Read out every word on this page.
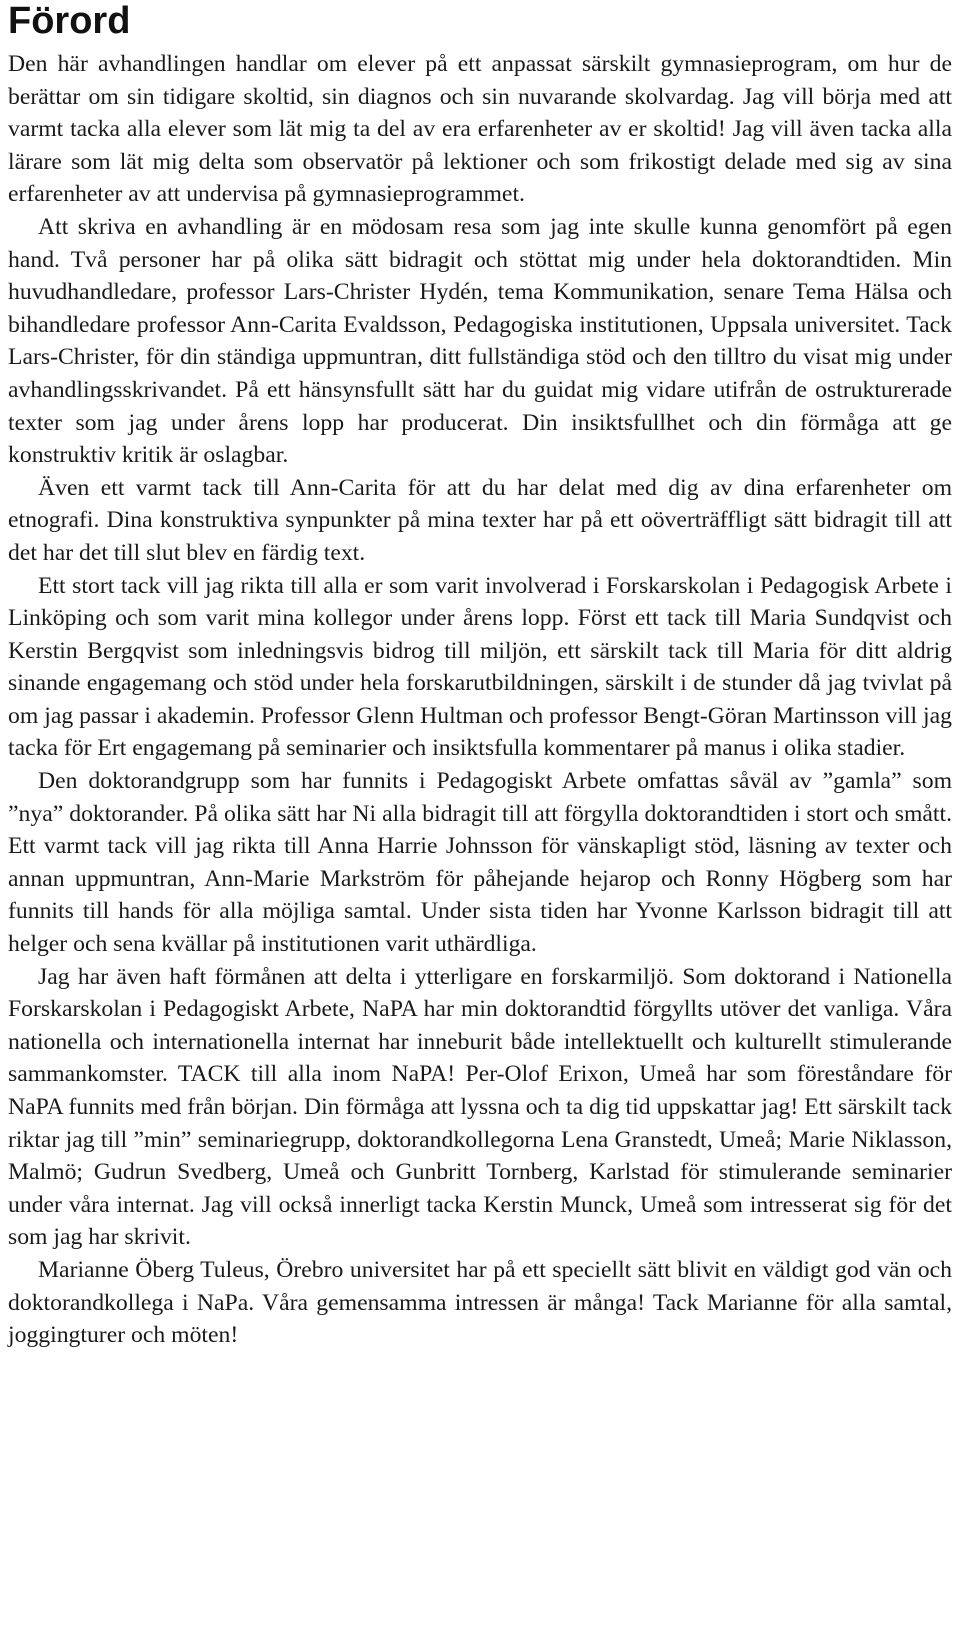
Förord

Den här avhandlingen handlar om elever på ett anpassat särskilt gymnasieprogram, om hur de berättar om sin tidigare skoltid, sin diagnos och sin nuvarande skolvardag. Jag vill börja med att varmt tacka alla elever som lät mig ta del av era erfarenheter av er skoltid! Jag vill även tacka alla lärare som lät mig delta som observatör på lektioner och som frikostigt delade med sig av sina erfarenheter av att undervisa på gymnasieprogrammet.

Att skriva en avhandling är en mödosam resa som jag inte skulle kunna genomfört på egen hand. Två personer har på olika sätt bidragit och stöttat mig under hela doktorandtiden. Min huvudhandledare, professor Lars-Christer Hydén, tema Kommunikation, senare Tema Hälsa och bihandledare professor Ann-Carita Evaldsson, Pedagogiska institutionen, Uppsala universitet. Tack Lars-Christer, för din ständiga uppmuntran, ditt fullständiga stöd och den tilltro du visat mig under avhandlingsskrivandet. På ett hänsynsfullt sätt har du guidat mig vidare utifrån de ostrukturerade texter som jag under årens lopp har producerat. Din insiktsfullhet och din förmåga att ge konstruktiv kritik är oslagbar.

Även ett varmt tack till Ann-Carita för att du har delat med dig av dina erfarenheter om etnografi. Dina konstruktiva synpunkter på mina texter har på ett oöverträffligt sätt bidragit till att det har det till slut blev en färdig text.

Ett stort tack vill jag rikta till alla er som varit involverad i Forskarskolan i Pedagogisk Arbete i Linköping och som varit mina kollegor under årens lopp. Först ett tack till Maria Sundqvist och Kerstin Bergqvist som inledningsvis bidrog till miljön, ett särskilt tack till Maria för ditt aldrig sinande engagemang och stöd under hela forskarutbildningen, särskilt i de stunder då jag tvivlat på om jag passar i akademin. Professor Glenn Hultman och professor Bengt-Göran Martinsson vill jag tacka för Ert engagemang på seminarier och insiktsfulla kommentarer på manus i olika stadier.

Den doktorandgrupp som har funnits i Pedagogiskt Arbete omfattas såväl av ”gamla” som ”nya” doktorander. På olika sätt har Ni alla bidragit till att förgylla doktorandtiden i stort och smått. Ett varmt tack vill jag rikta till Anna Harrie Johnsson för vänskapligt stöd, läsning av texter och annan uppmuntran, Ann-Marie Markström för påhejande hejarop och Ronny Högberg som har funnits till hands för alla möjliga samtal. Under sista tiden har Yvonne Karlsson bidragit till att helger och sena kvällar på institutionen varit uthärdliga.

Jag har även haft förmånen att delta i ytterligare en forskarmiljö. Som doktorand i Nationella Forskarskolan i Pedagogiskt Arbete, NaPA har min doktorandtid förgyllts utöver det vanliga. Våra nationella och internationella internat har inneburit både intellektuellt och kulturellt stimulerande sammankomster. TACK till alla inom NaPA! Per-Olof Erixon, Umeå har som föreståndare för NaPA funnits med från början. Din förmåga att lyssna och ta dig tid uppskattar jag! Ett särskilt tack riktar jag till ”min” seminariegrupp, doktorandkollegorna Lena Granstedt, Umeå; Marie Niklasson, Malmö; Gudrun Svedberg, Umeå och Gunbritt Tornberg, Karlstad för stimulerande seminarier under våra internat. Jag vill också innerligt tacka Kerstin Munck, Umeå som intresserat sig för det som jag har skrivit.

Marianne Öberg Tuleus, Örebro universitet har på ett speciellt sätt blivit en väldigt god vän och doktorandkollega i NaPa. Våra gemensamma intressen är många! Tack Marianne för alla samtal, joggingturer och möten!
